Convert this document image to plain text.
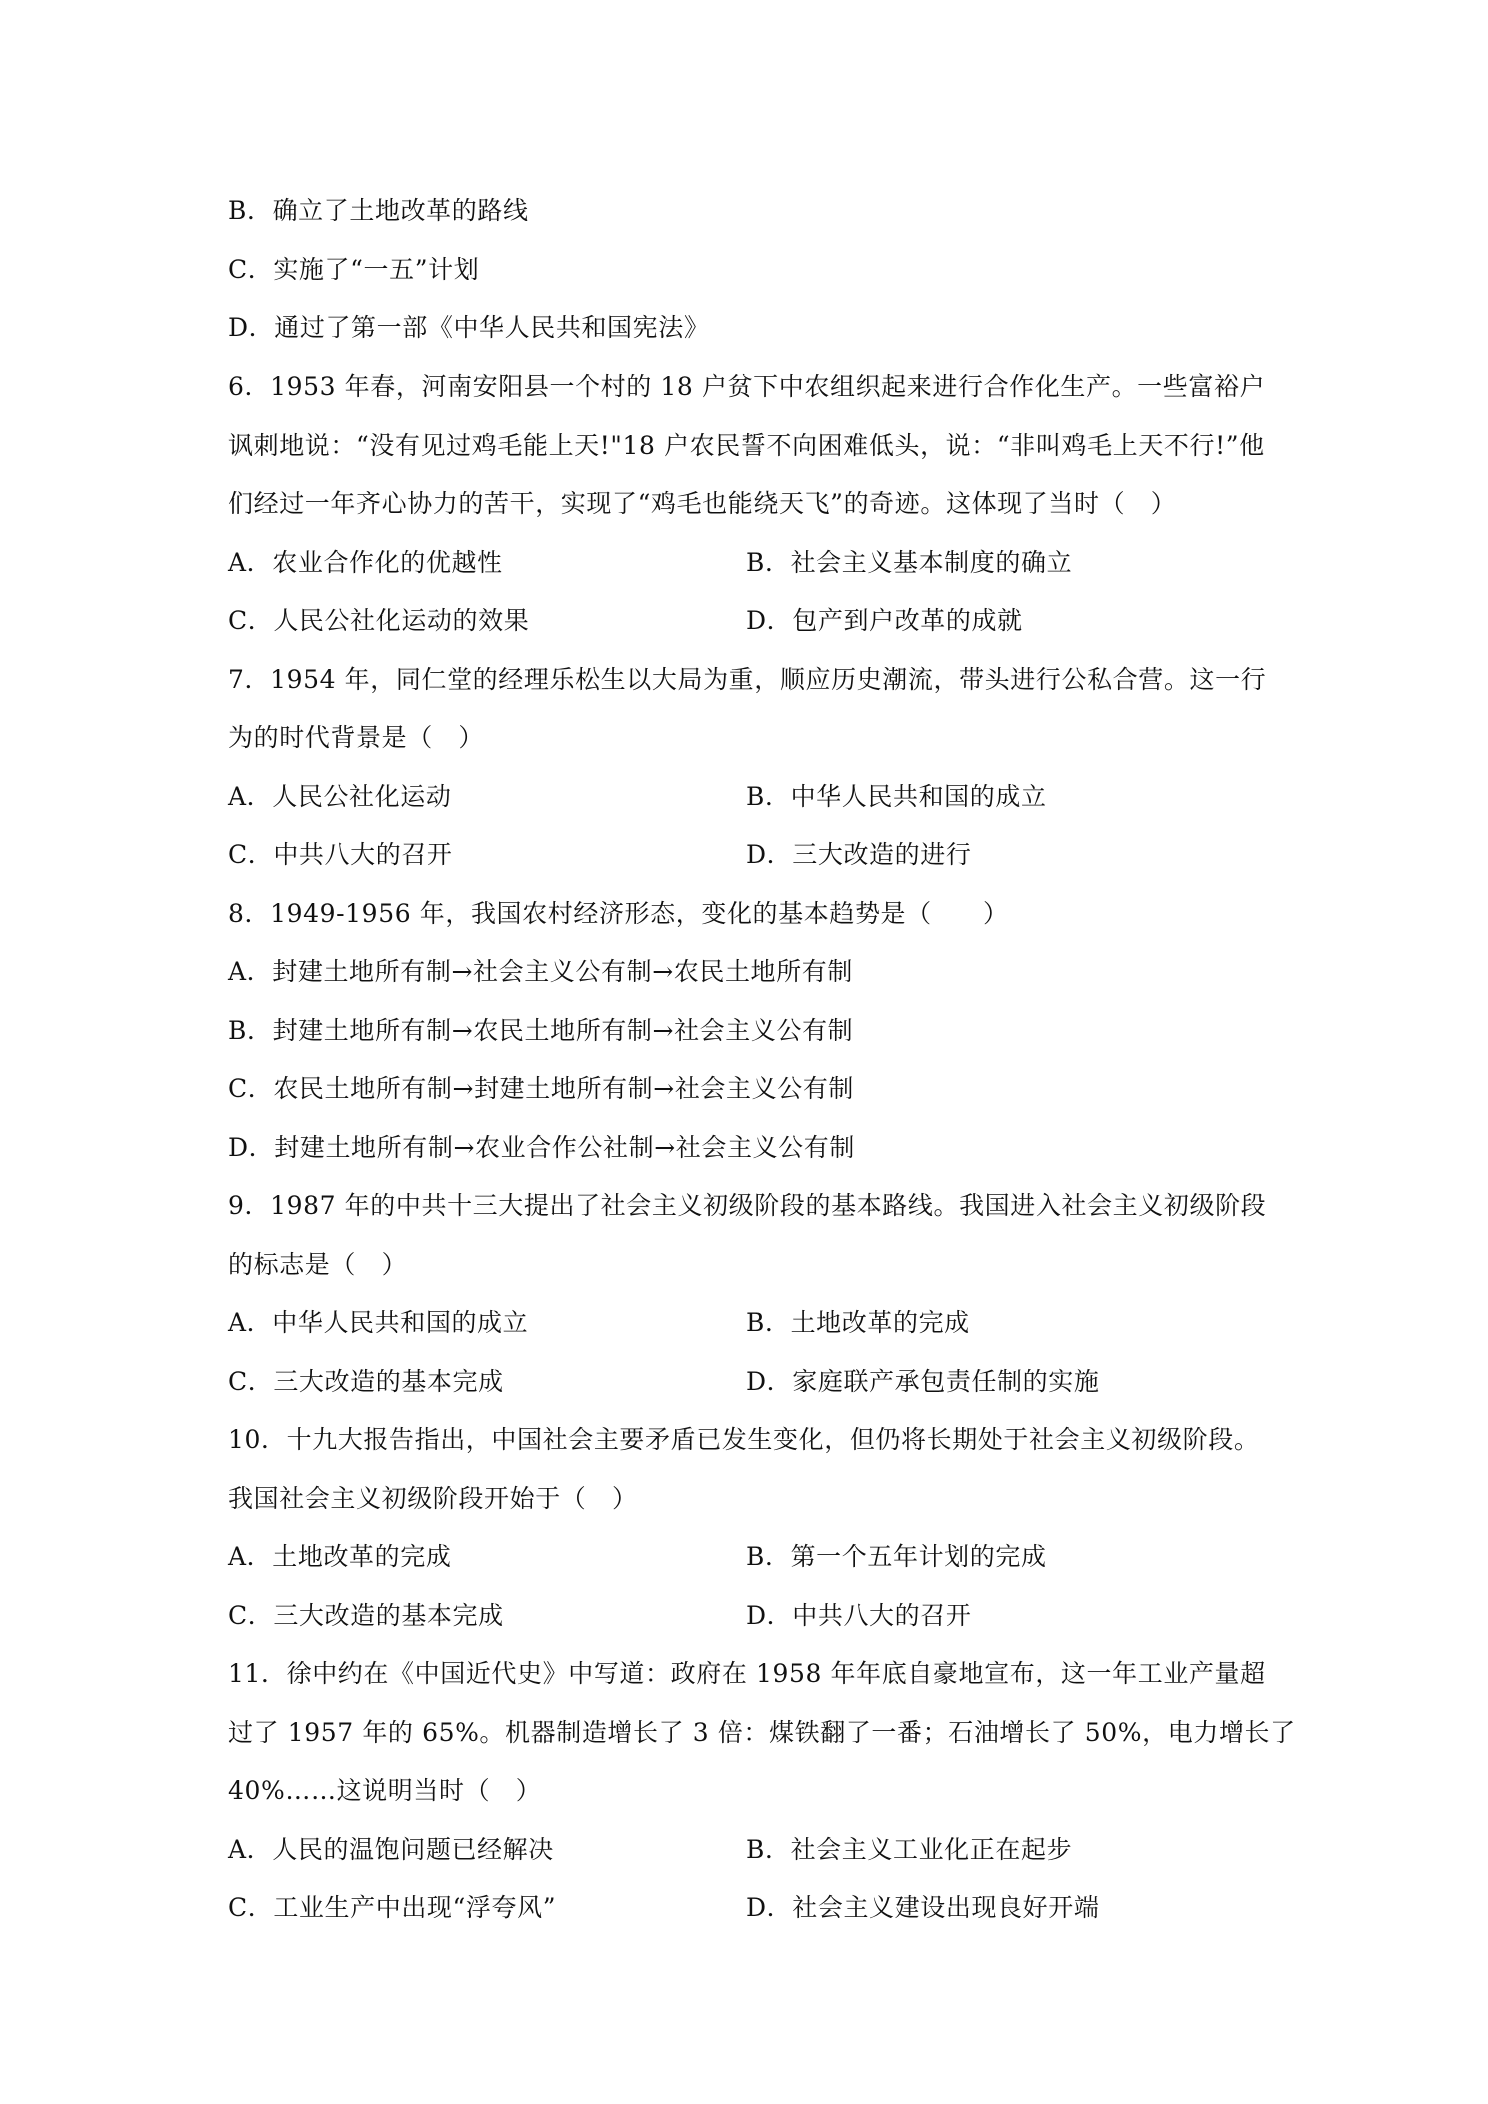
B．确立了土地改革的路线
C．实施了“一五”计划
D．通过了第一部《中华人民共和国宪法》
6．1953 年春，河南安阳县一个村的 18 户贫下中农组织起来进行合作化生产。一些富裕户
讽刺地说：“没有见过鸡毛能上天!"18 户农民誓不向困难低头，说：“非叫鸡毛上天不行!”他
们经过一年齐心协力的苦干，实现了“鸡毛也能绕天飞”的奇迹。这体现了当时（　）
A．农业合作化的优越性	B．社会主义基本制度的确立
C．人民公社化运动的效果	D．包产到户改革的成就
7．1954 年，同仁堂的经理乐松生以大局为重，顺应历史潮流，带头进行公私合营。这一行
为的时代背景是（　）
A．人民公社化运动	B．中华人民共和国的成立
C．中共八大的召开	D．三大改造的进行
8．1949-1956 年，我国农村经济形态，变化的基本趋势是（　　）
A．封建土地所有制→社会主义公有制→农民土地所有制
B．封建土地所有制→农民土地所有制→社会主义公有制
C．农民土地所有制→封建土地所有制→社会主义公有制
D．封建土地所有制→农业合作公社制→社会主义公有制
9．1987 年的中共十三大提出了社会主义初级阶段的基本路线。我国进入社会主义初级阶段
的标志是（　）
A．中华人民共和国的成立	B．土地改革的完成
C．三大改造的基本完成	D．家庭联产承包责任制的实施
10．十九大报告指出，中国社会主要矛盾已发生变化，但仍将长期处于社会主义初级阶段。
我国社会主义初级阶段开始于（　）
A．土地改革的完成	B．第一个五年计划的完成
C．三大改造的基本完成	D．中共八大的召开
11．徐中约在《中国近代史》中写道：政府在 1958 年年底自豪地宣布，这一年工业产量超
过了 1957 年的 65%。机器制造增长了 3 倍：煤铁翻了一番；石油增长了 50%，电力增长了
40%……这说明当时（　）
A．人民的温饱问题已经解决	B．社会主义工业化正在起步
C．工业生产中出现“浮夸风”	D．社会主义建设出现良好开端
